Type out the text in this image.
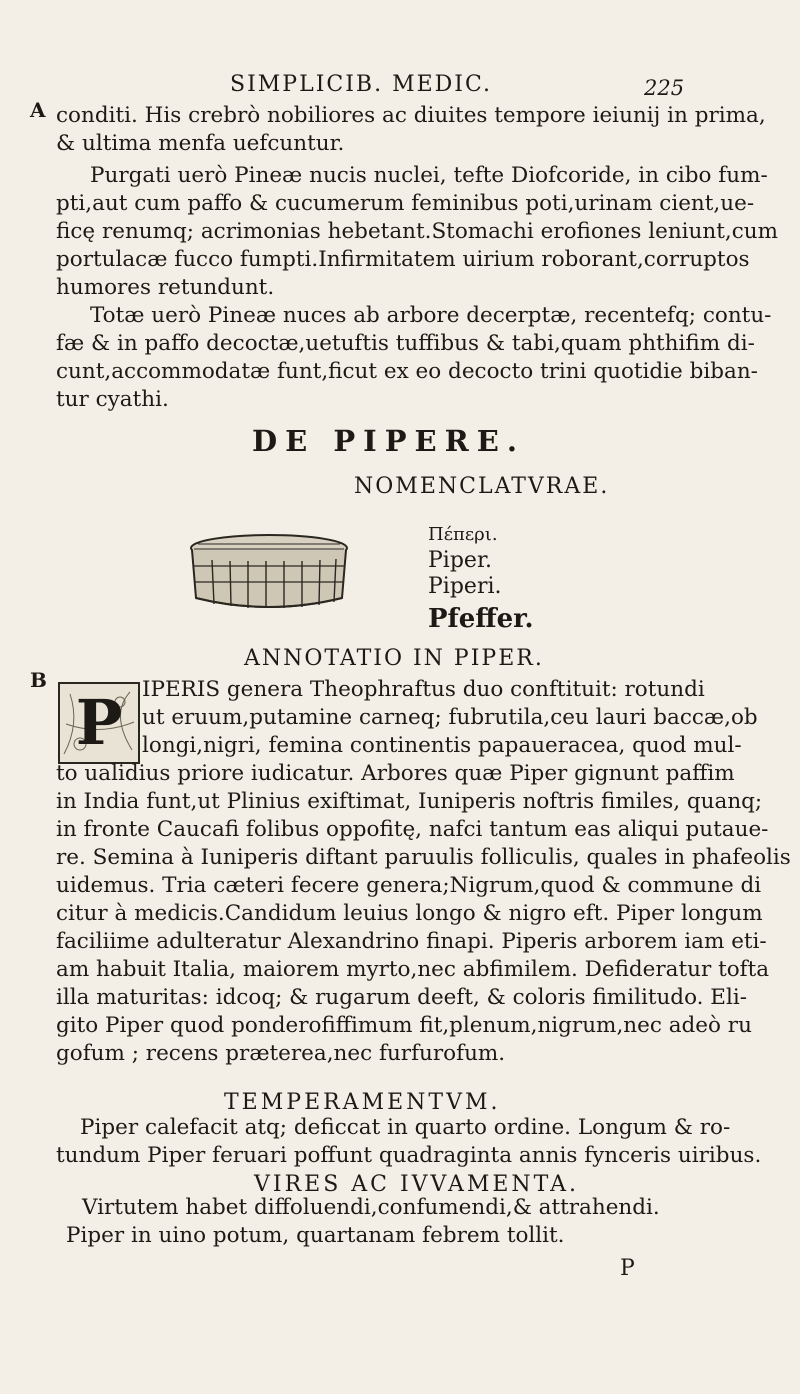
SIMPLICIB. MEDIC.	225
A conditi. His crebrò nobiliores ac diuites tempore ieiunij in prima,

& ultima menfa uefcuntur.

Purgati uerò Pineæ nucis nuclei, tefte Diofcoride, in cibo fum-

pti,aut cum paffo & cucumerum feminibus poti,urinam cient,ue-

ficę renumq; acrimonias hebetant.Stomachi erofiones leniunt,cum

portulacæ fucco fumpti.Infirmitatem uirium roborant,corruptos

humores retundunt.

Totæ uerò Pineæ nuces ab arbore decerptæ, recentefq; contu-

fæ & in paffo decoctæ,uetuftis tuffibus & tabi,quam phthifim di-

cunt,accommodatæ funt,ficut ex eo decocto trini quotidie biban-

tur cyathi.

DE PIPERE.
NOMENCLATVRAE.
Πέπερι.
Piper.
Piperi.
Pfeffer.
B
ANNOTATIO IN PIPER.
P IPERIS genera Theophraftus duo conftituit: rotundi

ut eruum,putamine carneq; fubrutila,ceu lauri baccæ,ob

longi,nigri, femina continentis papaueracea, quod mul-

to ualidius priore iudicatur. Arbores quæ Piper gignunt paffim

in India funt,ut Plinius exiftimat, Iuniperis noftris fimiles, quanq;

in fronte Caucafi folibus oppofitę, nafci tantum eas aliqui putaue-

re. Semina à Iuniperis diftant paruulis folliculis, quales in phafeolis

uidemus. Tria cæteri fecere genera;Nigrum,quod & commune di

citur à medicis.Candidum leuius longo & nigro eft. Piper longum

faciliime adulteratur Alexandrino finapi. Piperis arborem iam eti-

am habuit Italia, maiorem myrto,nec abfimilem. Defideratur tofta

illa maturitas: idcoq; & rugarum deeft, & coloris fimilitudo. Eli-

gito Piper quod ponderofiffimum fit,plenum,nigrum,nec adeò ru

gofum ; recens præterea,nec furfurofum.

TEMPERAMENTVM.

Piper calefacit atq; deficcat in quarto ordine. Longum & ro-

tundum Piper feruari poffunt quadraginta annis fynceris uiribus.

VIRES AC IVVAMENTA.

Virtutem habet diffoluendi,confumendi,& attrahendi.

Piper in uino potum, quartanam febrem tollit.

P
